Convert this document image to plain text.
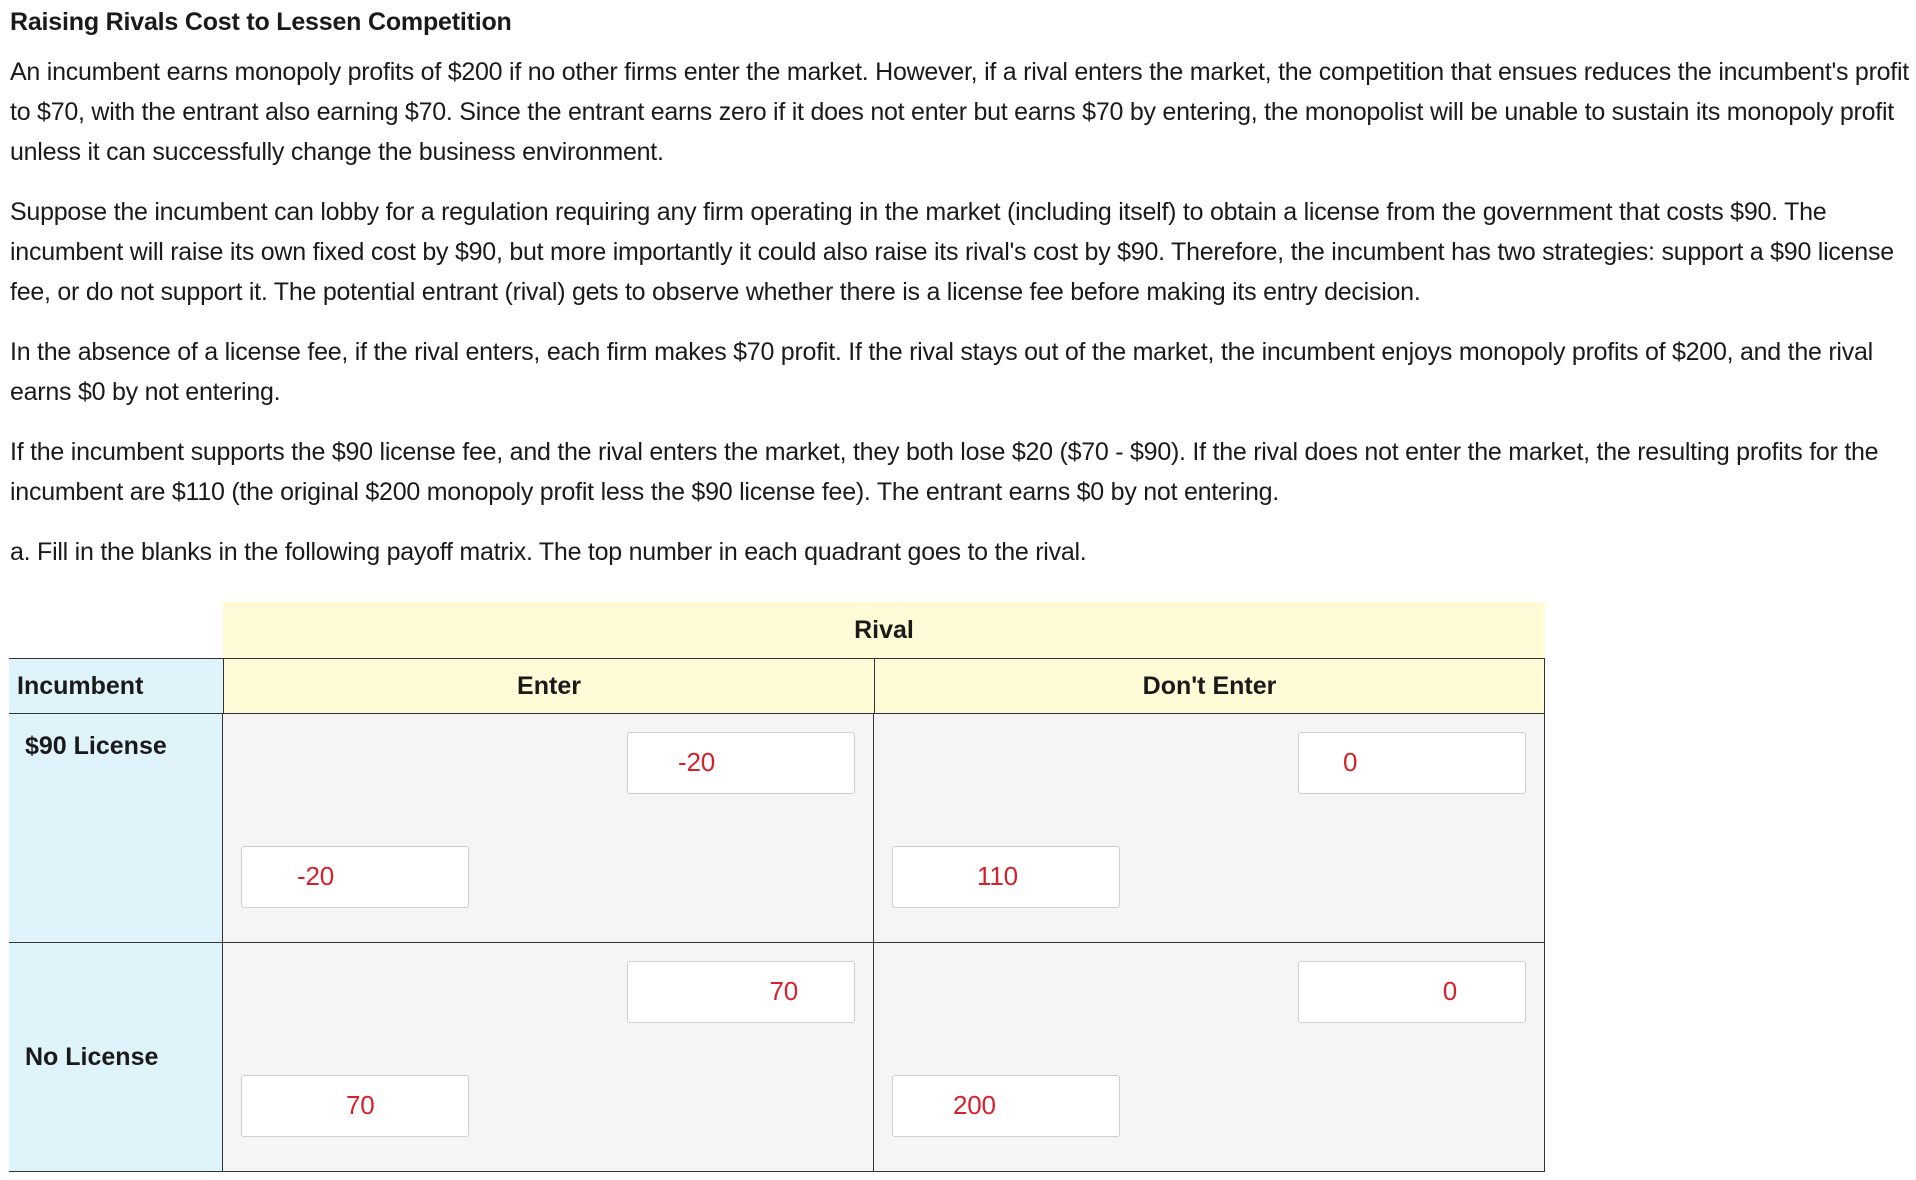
Raising Rivals Cost to Lessen Competition

An incumbent earns monopoly profits of $200 if no other firms enter the market. However, if a rival enters the market, the competition that ensues reduces the incumbent's profit to $70, with the entrant also earning $70. Since the entrant earns zero if it does not enter but earns $70 by entering, the monopolist will be unable to sustain its monopoly profit unless it can successfully change the business environment.

Suppose the incumbent can lobby for a regulation requiring any firm operating in the market (including itself) to obtain a license from the government that costs $90. The incumbent will raise its own fixed cost by $90, but more importantly it could also raise its rival's cost by $90. Therefore, the incumbent has two strategies: support a $90 license fee, or do not support it. The potential entrant (rival) gets to observe whether there is a license fee before making its entry decision.

In the absence of a license fee, if the rival enters, each firm makes $70 profit. If the rival stays out of the market, the incumbent enjoys monopoly profits of $200, and the rival earns $0 by not entering.

If the incumbent supports the $90 license fee, and the rival enters the market, they both lose $20 ($70 - $90). If the rival does not enter the market, the resulting profits for the incumbent are $110 (the original $200 monopoly profit less the $90 license fee). The entrant earns $0 by not entering.

a. Fill in the blanks in the following payoff matrix. The top number in each quadrant goes to the rival.
Rival
Incumbent	Enter	Don't Enter
$90 License
No License
-20
-20
0
110
70
70
0
200
